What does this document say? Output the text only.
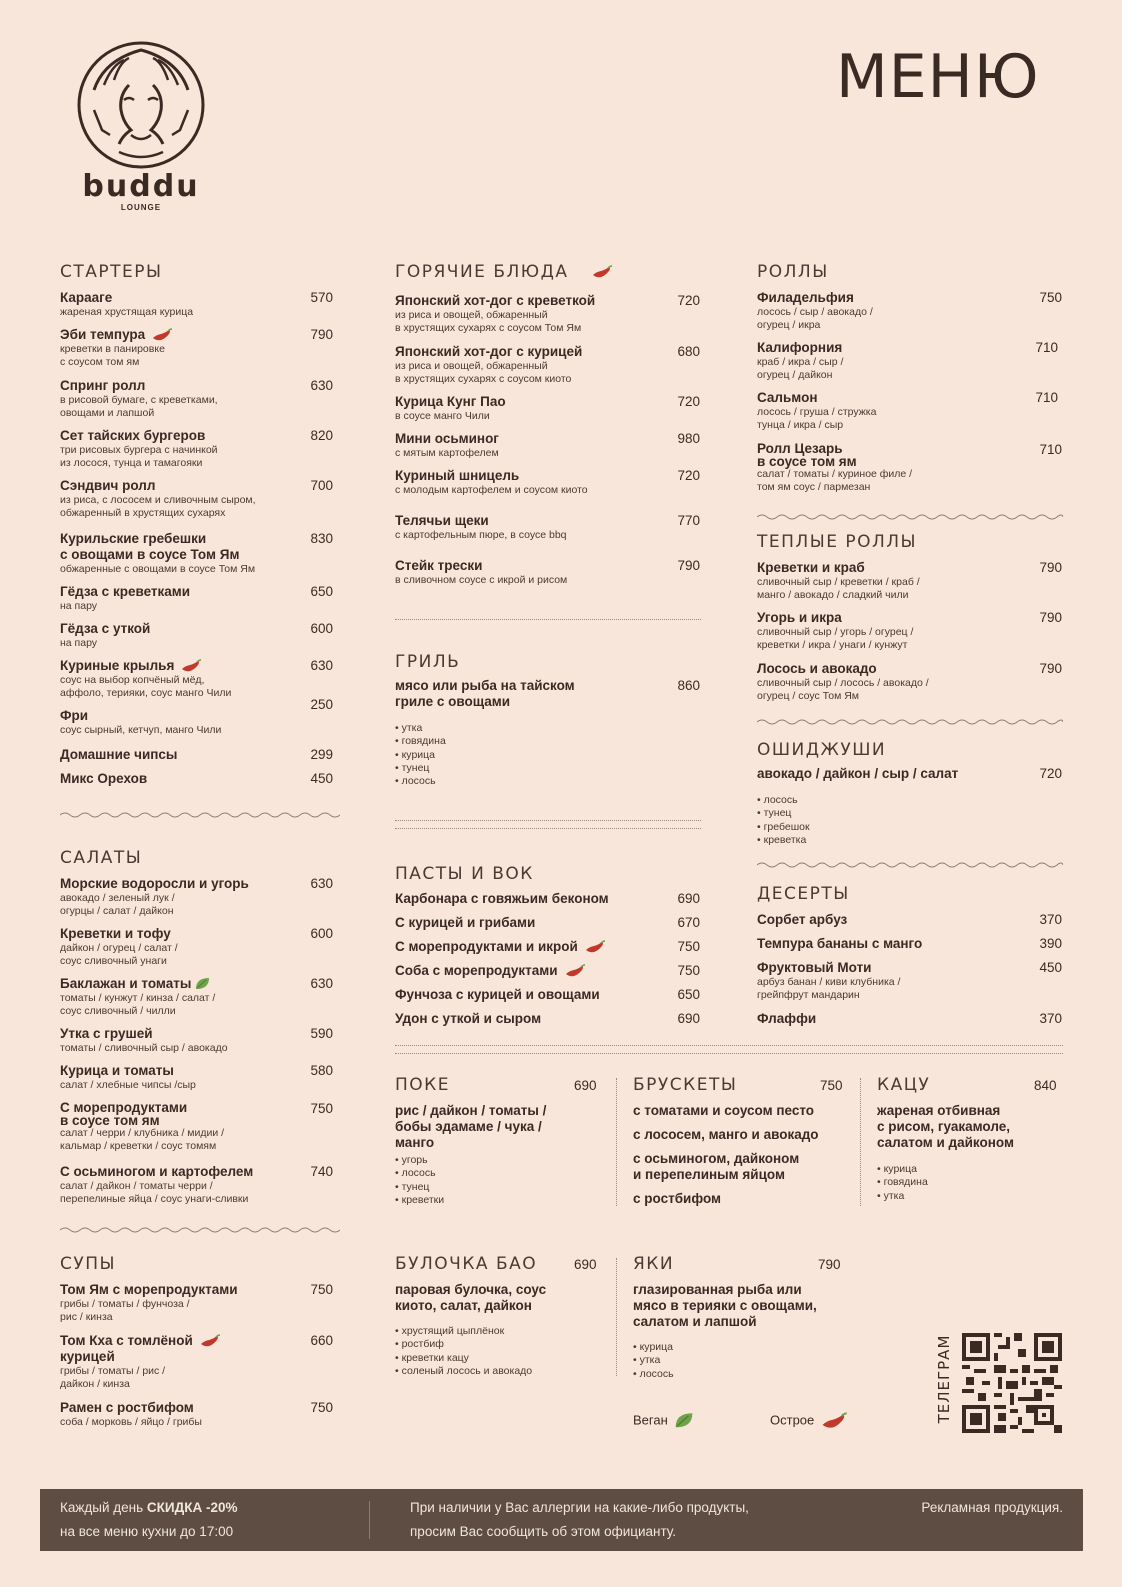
buddu
LOUNGE
МЕНЮ
СТАРТЕРЫ
Карааге
жареная хрустящая курица
570
Эби темпура
креветки в панировке
с соусом том ям
790
Спринг ролл
в рисовой бумаге, с креветками,
овощами и лапшой
630
Сет тайских бургеров
три рисовых бургера с начинкой
из лосося, тунца и тамагояки
820
Сэндвич ролл
из риса, с лососем и сливочным сыром,
обжаренный в хрустящих сухарях
700
Курильские гребешки
с овощами в соусе Том Ям
обжаренные с овощами в соусе Том Ям
830
Гёдза с креветками
на пару
650
Гёдза с уткой
на пару
600
Куриные крылья
соус на выбор копчёный мёд,
аффоло, терияки, соус манго Чили
630
Фри
соус сырный, кетчуп, манго Чили
250
Домашние чипсы	299
Микс Орехов	450
САЛАТЫ
Морские водоросли и угорь
авокадо / зеленый лук /
огурцы / салат / дайкон
630
Креветки и тофу
дайкон / огурец / салат /
соус сливочный унаги
600
Баклажан и томаты
томаты / кунжут / кинза / салат /
соус сливочный / чилли
630
Утка с грушей
томаты / сливочный сыр / авокадо
590
Курица и томаты
салат / хлебные чипсы /сыр
580
С морепродуктами
в соусе том ям
салат / черри / клубника / мидии /
кальмар / креветки / соус томям
750
С осьминогом и картофелем
салат / дайкон / томаты черри /
перепелиные яйца / соус унаги-сливки
740
СУПЫ
Том Ям с морепродуктами
грибы / томаты / фунчоза /
рис / кинза
750
Том Кха с томлёной
курицей
грибы / томаты / рис /
дайкон / кинза
660
Рамен с ростбифом
соба / морковь / яйцо / грибы
750
ГОРЯЧИЕ БЛЮДА
Японский хот-дог с креветкой
из риса и овощей, обжаренный
в хрустящих сухарях с соусом Том Ям
720
Японский хот-дог с курицей
из риса и овощей, обжаренный
в хрустящих сухарях с соусом киото
680
Курица Кунг Пао
в соусе манго Чили
720
Мини осьминог
с мятым картофелем
980
Куриный шницель
с молодым картофелем и соусом киото
720
Телячьи щеки
с картофельным пюре, в соусе bbq
770
Стейк трески
в сливочном соусе с икрой и рисом
790
ГРИЛЬ
мясо или рыба на тайском
гриле с овощами
860
• утка
• говядина
• курица
• тунец
• лосось
ПАСТЫ И ВОК
Карбонара с говяжьим беконом	690
С курицей и грибами	670
С морепродуктами и икрой	750
Соба с морепродуктами	750
Фунчоза с курицей и овощами	650
Удон с уткой и сыром	690
РОЛЛЫ
Филадельфия
лосось / сыр / авокадо /
огурец / икра
750
Калифорния
краб / икра / сыр /
огурец / дайкон
710
Сальмон
лосось / груша / стружка
тунца / икра / сыр
710
Ролл Цезарь
в соусе том ям
салат / томаты / куриное филе /
том ям соус / пармезан
710
ТЕПЛЫЕ РОЛЛЫ
Креветки и краб
сливочный сыр / креветки / краб /
манго / авокадо / сладкий чили
790
Угорь и икра
сливочный сыр / угорь / огурец /
креветки / икра / унаги / кунжут
790
Лосось и авокадо
сливочный сыр / лосось / авокадо /
огурец / соус Том Ям
790
ОШИДЖУШИ
авокадо / дайкон / сыр / салат	720
• лосось
• тунец
• гребешок
• креветка
ДЕСЕРТЫ
Сорбет арбуз	370
Темпура бананы с манго	390
Фруктовый Моти
арбуз банан / киви клубника /
грейпфрут мандарин
450
Флаффи	370
ПОКЕ	690
рис / дайкон / томаты /
бобы эдамаме / чука /
манго
• угорь
• лосось
• тунец
• креветки
БРУСКЕТЫ	750
с томатами и соусом песто
с лососем, манго и авокадо
с осьминогом, дайконом
и перепелиным яйцом
с ростбифом
КАЦУ	840
жареная отбивная
с рисом, гуакамоле,
салатом и дайконом
• курица
• говядина
• утка
БУЛОЧКА БАО	690
паровая булочка, соус
киото, салат, дайкон
• хрустящий цыплёнок
• ростбиф
• креветки кацу
• соленый лосось и авокадо
ЯКИ	790
глазированная рыба или
мясо в терияки с овощами,
салатом и лапшой
• курица
• утка
• лосось
Веган	Острое	ТЕЛЕГРАМ
Каждый день СКИДКА -20%
на все меню кухни до 17:00
При наличии у Вас аллергии на какие-либо продукты,
просим Вас сообщить об этом официанту.
Рекламная продукция.
